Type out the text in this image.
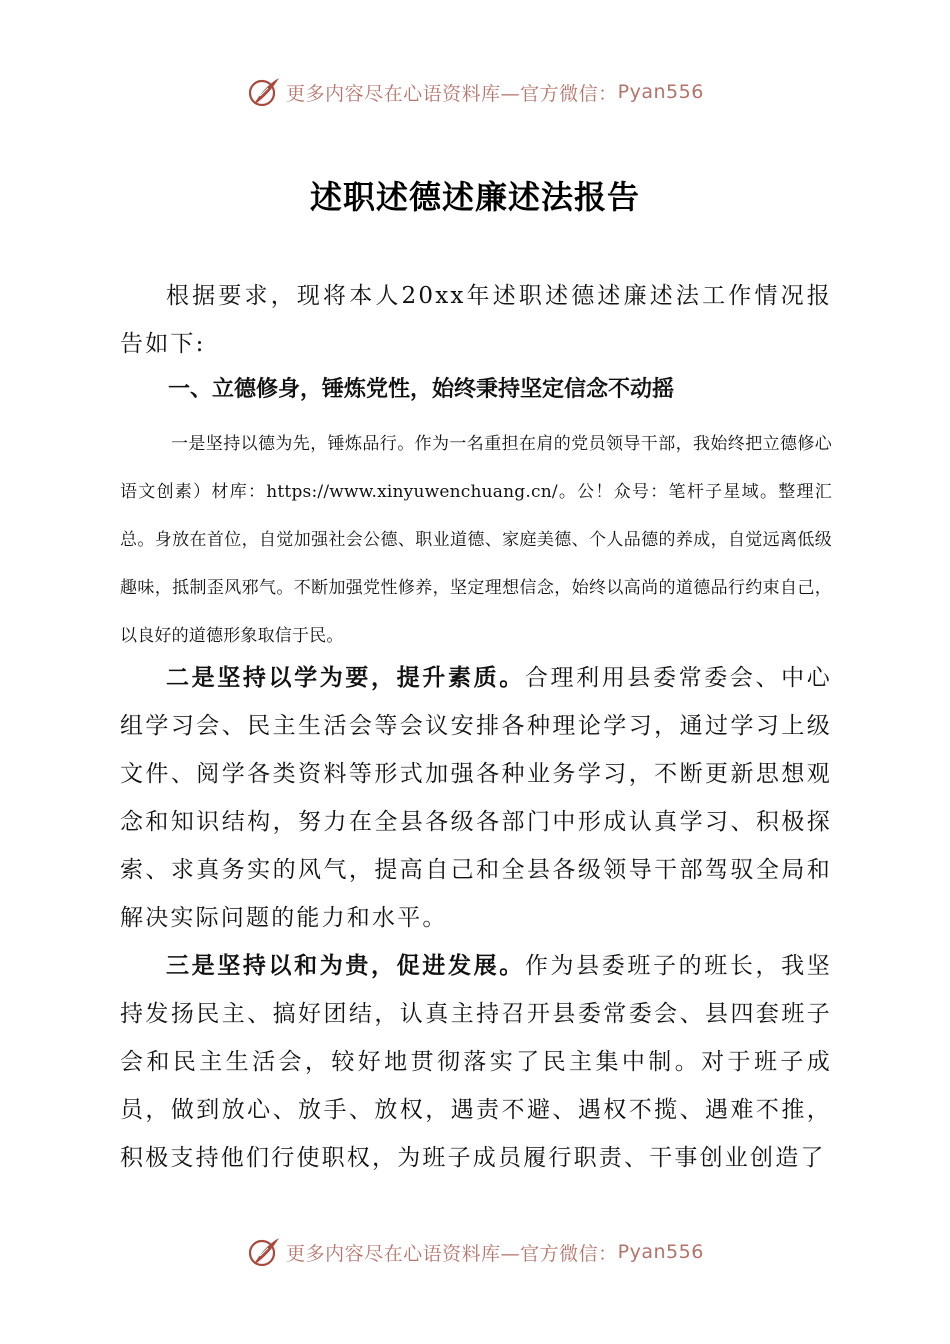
更多内容尽在心语资料库—官方微信： Pyan556
述职述德述廉述法报告

根据要求，现将本人20xx年述职述德述廉述法工作情况报告如下:

一、立德修身，锤炼党性，始终秉持坚定信念不动摇

一是坚持以德为先，锤炼品行。作为一名重担在肩的党员领导干部，我始终把立德修心语文创素）材库：https://www.xinyuwenchuang.cn/。公！众号：笔杆子星域。整理汇总。身放在首位，自觉加强社会公德、职业道德、家庭美德、个人品德的养成，自觉远离低级趣味，抵制歪风邪气。不断加强党性修养，坚定理想信念，始终以高尚的道德品行约束自己，以良好的道德形象取信于民。

二是坚持以学为要，提升素质。合理利用县委常委会、中心组学习会、民主生活会等会议安排各种理论学习，通过学习上级文件、阅学各类资料等形式加强各种业务学习，不断更新思想观念和知识结构，努力在全县各级各部门中形成认真学习、积极探索、求真务实的风气，提高自己和全县各级领导干部驾驭全局和解决实际问题的能力和水平。

三是坚持以和为贵，促进发展。作为县委班子的班长，我坚持发扬民主、搞好团结，认真主持召开县委常委会、县四套班子会和民主生活会，较好地贯彻落实了民主集中制。对于班子成员，做到放心、放手、放权，遇责不避、遇权不揽、遇难不推，积极支持他们行使职权，为班子成员履行职责、干事创业创造了

更多内容尽在心语资料库—官方微信： Pyan556
